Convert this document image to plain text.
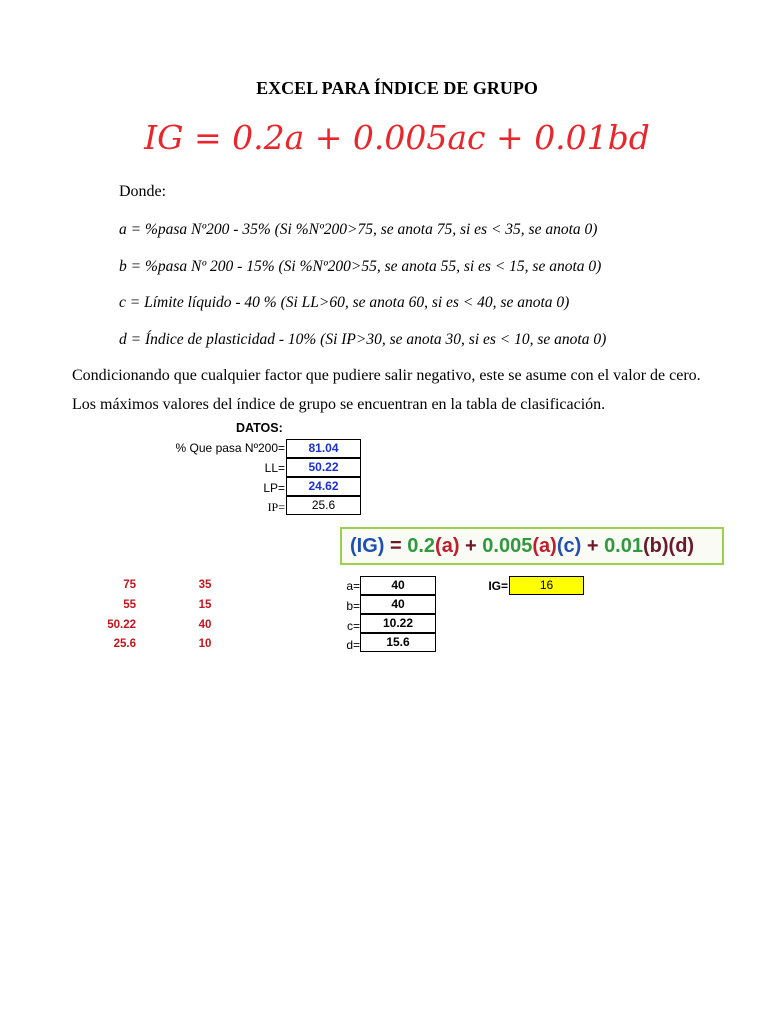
EXCEL PARA ÍNDICE DE GRUPO
IG = 0.2a + 0.005ac + 0.01bd
Donde:
a = %pasa Nº200 - 35% (Si %Nº200>75, se anota 75, si es < 35, se anota 0)
b = %pasa Nº 200 - 15% (Si %Nº200>55, se anota 55, si es < 15, se anota 0)
c = Límite líquido - 40 % (Si LL>60, se anota 60, si es < 40, se anota 0)
d = Índice de plasticidad - 10% (Si IP>30, se anota 30, si es < 10, se anota 0)
Condicionando que cualquier factor que pudiere salir negativo, este se asume con el valor de cero.
Los máximos valores del índice de grupo se encuentran en la tabla de clasificación.
DATOS:
% Que pasa Nº200=	81.04
LL=	50.22
LP=	24.62
IP=	25.6
(IG) = 0.2(a) + 0.005(a)(c) + 0.01(b)(d)
75	35
55	15
50.22	40
25.6	10
a=	40
b=	40
c=	10.22
d=	15.6
IG=	16
